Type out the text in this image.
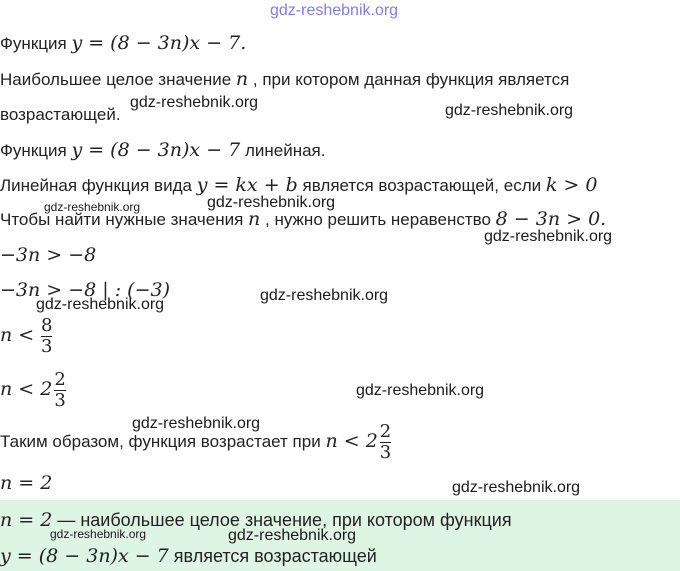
gdz-reshebnik.org
Функция y = (8 − 3n)x − 7.
Наибольшее целое значение n , при котором данная функция является
возрастающей.
gdz-reshebnik.org	gdz-reshebnik.org
Функция y = (8 − 3n)x − 7 линейная.
Линейная функция вида y = kx + b является возрастающей, если k > 0
gdz-reshebnik.org	gdz-reshebnik.org
Чтобы найти нужные значения n , нужно решить неравенство 8 − 3n > 0.
gdz-reshebnik.org
−3n > −8
−3n > −8 | : (−3)	gdz-reshebnik.org
gdz-reshebnik.org
$n < \frac{8}{3}$
$n < 2 \frac{2}{3}$	gdz-reshebnik.org
gdz-reshebnik.org
Таким образом, функция возрастает при $n < 2 \frac{2}{3}$
n = 2	gdz-reshebnik.org
n = 2 — наибольшее целое значение, при котором функция
gdz-reshebnik.org	gdz-reshebnik.org
y = (8 − 3n)x − 7 является возрастающей
